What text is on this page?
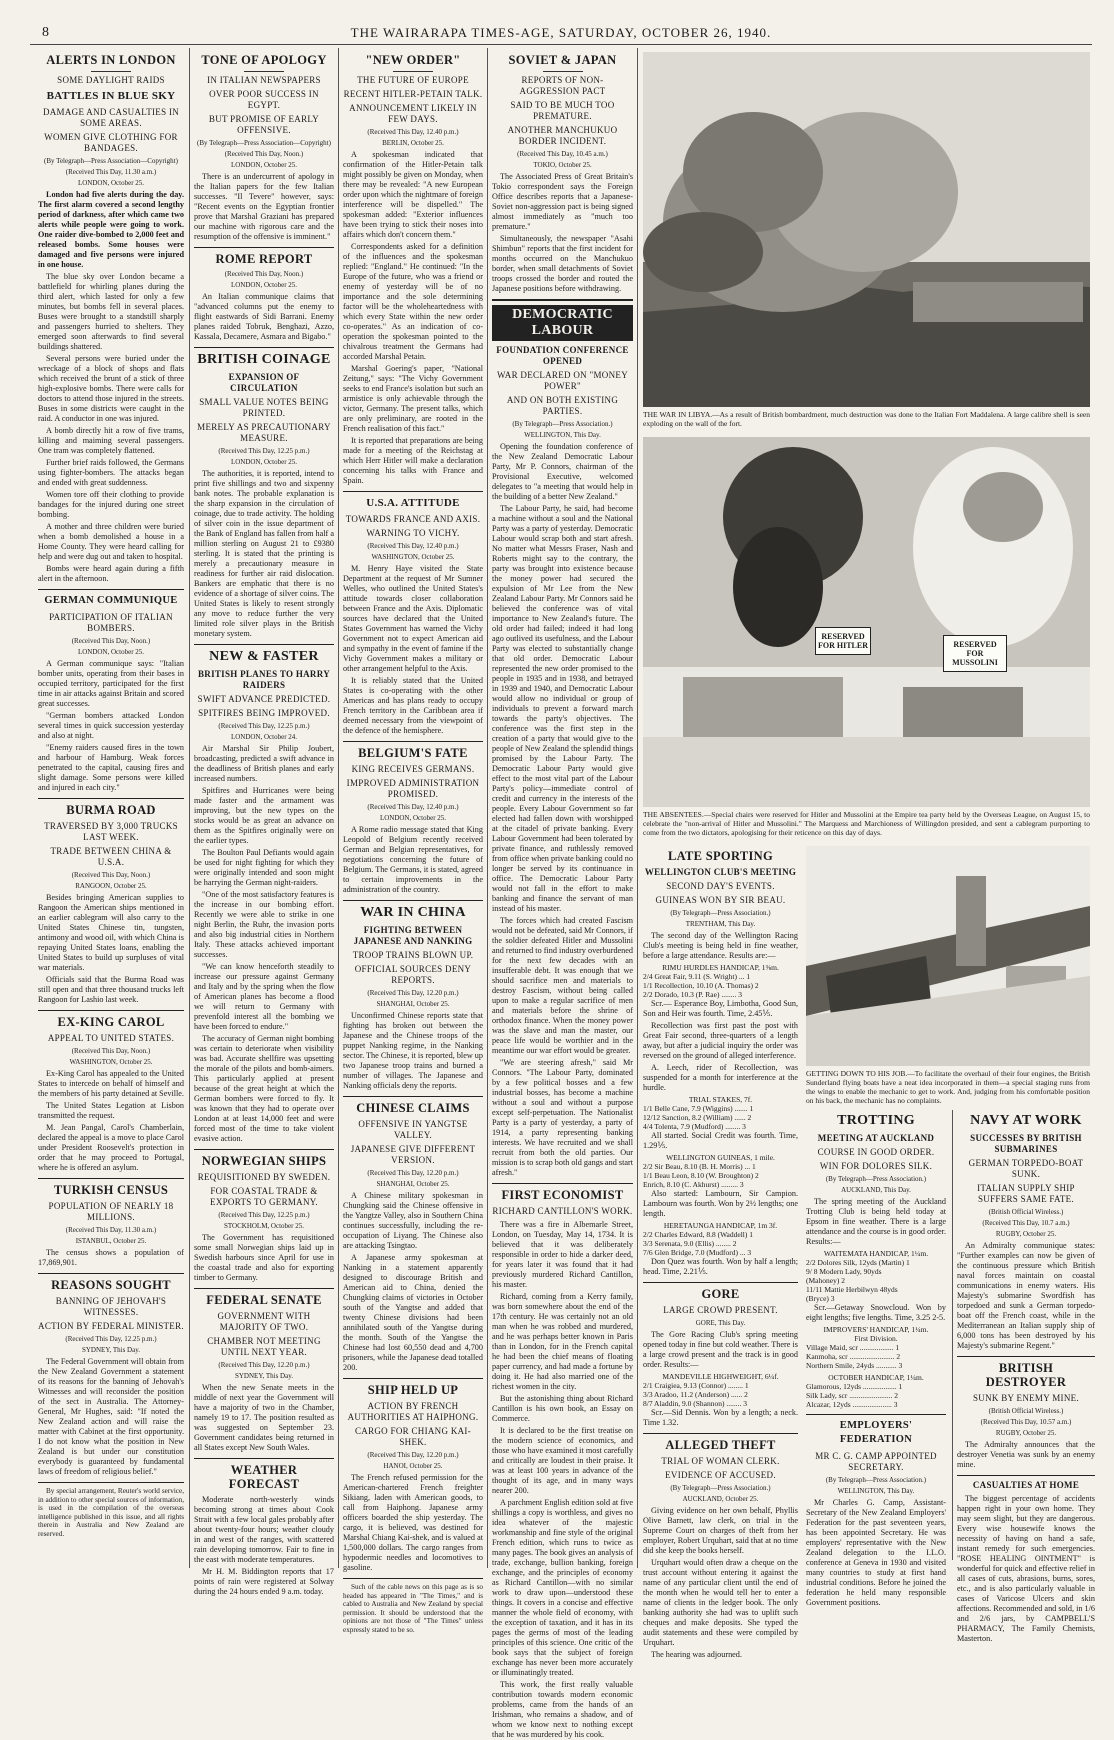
8	THE WAIRARAPA TIMES-AGE, SATURDAY, OCTOBER 26, 1940.
ALERTS IN LONDON
SOME DAYLIGHT RAIDS
BATTLES IN BLUE SKY
DAMAGE AND CASUALTIES IN SOME AREAS.
WOMEN GIVE CLOTHING FOR BANDAGES.
(By Telegraph—Press Association—Copyright)
(Received This Day, 11.30 a.m.)
LONDON, October 25.

London had five alerts during the day. The first alarm covered a second lengthy period of darkness, after which came two alerts while people were going to work. One raider dive-bombed to 2,000 feet and released bombs. Some houses were damaged and five persons were injured in one house.

The blue sky over London became a battlefield for whirling planes during the third alert, which lasted for only a few minutes, but bombs fell in several places. Buses were brought to a standstill sharply and passengers hurried to shelters. They emerged soon afterwards to find several buildings shattered.

Several persons were buried under the wreckage of a block of shops and flats which received the brunt of a stick of three high-explosive bombs. There were calls for doctors to attend those injured in the streets. Buses in some districts were caught in the raid. A conductor in one was injured.

A bomb directly hit a row of five trams, killing and maiming several passengers. One tram was completely flattened.

Further brief raids followed, the Germans using fighter-bombers. The attacks began and ended with great suddenness.

Women tore off their clothing to provide bandages for the injured during one street bombing.

A mother and three children were buried when a bomb demolished a house in a Home County. They were heard calling for help and were dug out and taken to hospital.

Bombs were heard again during a fifth alert in the afternoon.

GERMAN COMMUNIQUE
PARTICIPATION OF ITALIAN BOMBERS.
(Received This Day, Noon.)
LONDON, October 25.

A German communique says: "Italian bomber units, operating from their bases in occupied territory, participated for the first time in air attacks against Britain and scored great successes.

"German bombers attacked London several times in quick succession yesterday and also at night.

"Enemy raiders caused fires in the town and harbour of Hamburg. Weak forces penetrated to the capital, causing fires and slight damage. Some persons were killed and injured in each city."

BURMA ROAD
TRAVERSED BY 3,000 TRUCKS LAST WEEK.
TRADE BETWEEN CHINA & U.S.A.
(Received This Day, Noon.)
RANGOON, October 25.

Besides bringing American supplies to Rangoon the American ships mentioned in an earlier cablegram will also carry to the United States Chinese tin, tungsten, antimony and wood oil, with which China is repaying United States loans, enabling the United States to build up surpluses of vital war materials.

Officials said that the Burma Road was still open and that three thousand trucks left Rangoon for Lashio last week.

EX-KING CAROL
APPEAL TO UNITED STATES.
(Received This Day, Noon.)
WASHINGTON, October 25.

Ex-King Carol has appealed to the United States to intercede on behalf of himself and the members of his party detained at Seville.

The United States Legation at Lisbon transmitted the request.

M. Jean Pangal, Carol's Chamberlain, declared the appeal is a move to place Carol under President Roosevelt's protection in order that he may proceed to Portugal, where he is offered an asylum.

TURKISH CENSUS
POPULATION OF NEARLY 18 MILLIONS.
(Received This Day, 11.30 a.m.)
ISTANBUL, October 25.

The census shows a population of 17,869,901.

REASONS SOUGHT
BANNING OF JEHOVAH'S WITNESSES.
ACTION BY FEDERAL MINISTER.
(Received This Day, 12.25 p.m.)
SYDNEY, This Day.

The Federal Government will obtain from the New Zealand Government a statement of its reasons for the banning of Jehovah's Witnesses and will reconsider the position of the sect in Australia. The Attorney-General, Mr Hughes, said: "If noted the New Zealand action and will raise the matter with Cabinet at the first opportunity. I do not know what the position in New Zealand is but under our constitution everybody is guaranteed by fundamental laws of freedom of religious belief."

By special arrangement, Reuter's world service, in addition to other special sources of information, is used in the compilation of the overseas intelligence published in this issue, and all rights therein in Australia and New Zealand are reserved.

TONE OF APOLOGY
IN ITALIAN NEWSPAPERS
OVER POOR SUCCESS IN EGYPT.
BUT PROMISE OF EARLY OFFENSIVE.
(By Telegraph—Press Association—Copyright)
(Received This Day, Noon.)
LONDON, October 25.

There is an undercurrent of apology in the Italian papers for the few Italian successes. "Il Tevere" however, says: "Recent events on the Egyptian frontier prove that Marshal Graziani has prepared our machine with rigorous care and the resumption of the offensive is imminent."

ROME REPORT
(Received This Day, Noon.)
LONDON, October 25.

An Italian communique claims that "advanced columns put the enemy to flight eastwards of Sidi Barrani. Enemy planes raided Tobruk, Benghazi, Azzo, Kassala, Decamere, Asmara and Bigabo."

BRITISH COINAGE
EXPANSION OF CIRCULATION
SMALL VALUE NOTES BEING PRINTED.
MERELY AS PRECAUTIONARY MEASURE.
(Received This Day, 12.25 p.m.)
LONDON, October 25.

The authorities, it is reported, intend to print five shillings and two and sixpenny bank notes. The probable explanation is the sharp expansion in the circulation of coinage, due to trade activity. The holding of silver coin in the issue department of the Bank of England has fallen from half a million sterling on August 21 to £9380 sterling. It is stated that the printing is merely a precautionary measure in readiness for further air raid dislocation. Bankers are emphatic that there is no evidence of a shortage of silver coins. The United States is likely to resent strongly any move to reduce further the very limited role silver plays in the British monetary system.

NEW & FASTER
BRITISH PLANES TO HARRY RAIDERS
SWIFT ADVANCE PREDICTED.
SPITFIRES BEING IMPROVED.
(Received This Day, 12.25 p.m.)
LONDON, October 24.

Air Marshal Sir Philip Joubert, broadcasting, predicted a swift advance in the deadliness of British planes and early increased numbers.

Spitfires and Hurricanes were being made faster and the armament was improving, but the new types on the stocks would be as great an advance on them as the Spitfires originally were on the earlier types.

The Boulton Paul Defiants would again be used for night fighting for which they were originally intended and soon might be harrying the German night-raiders.

"One of the most satisfactory features is the increase in our bombing effort. Recently we were able to strike in one night Berlin, the Ruhr, the invasion ports and also big industrial cities in Northern Italy. These attacks achieved important successes.

"We can know henceforth steadily to increase our pressure against Germany and Italy and by the spring when the flow of American planes has become a flood we will return to Germany with prevenfold interest all the bombing we have been forced to endure."

The accuracy of German night bombing was certain to deteriorate when visibility was bad. Accurate shellfire was upsetting the morale of the pilots and bomb-aimers. This particularly applied at present because of the great height at which the German bombers were forced to fly. It was known that they had to operate over London at at least 14,000 feet and were forced most of the time to take violent evasive action.

NORWEGIAN SHIPS
REQUISITIONED BY SWEDEN.
FOR COASTAL TRADE & EXPORTS TO GERMANY.
(Received This Day, 12.25 p.m.)
STOCKHOLM, October 25.

The Government has requisitioned some small Norwegian ships laid up in Swedish harbours since April for use in the coastal trade and also for exporting timber to Germany.

FEDERAL SENATE
GOVERNMENT WITH MAJORITY OF TWO.
CHAMBER NOT MEETING UNTIL NEXT YEAR.
(Received This Day, 12.20 p.m.)
SYDNEY, This Day.

When the new Senate meets in the middle of next year the Government will have a majority of two in the Chamber, namely 19 to 17. The position resulted as was suggested on September 23. Government candidates being returned in all States except New South Wales.

WEATHER FORECAST

Moderate north-westerly winds becoming strong at times about Cook Strait with a few local gales probably after about twenty-four hours; weather cloudy in and west of the ranges, with scattered rain developing tomorrow. Fair to fine in the east with moderate temperatures.

Mr H. M. Biddington reports that 17 points of rain were registered at Solway during the 24 hours ended 9 a.m. today.

"NEW ORDER"
THE FUTURE OF EUROPE
RECENT HITLER-PETAIN TALK.
ANNOUNCEMENT LIKELY IN FEW DAYS.
(Received This Day, 12.40 p.m.)
BERLIN, October 25.

A spokesman indicated that confirmation of the Hitler-Petain talk might possibly be given on Monday, when there may be revealed: "A new European order upon which the nightmare of foreign interference will be dispelled." The spokesman added: "Exterior influences have been trying to stick their noses into affairs which don't concern them."

Correspondents asked for a definition of the influences and the spokesman replied: "England." He continued: "In the Europe of the future, who was a friend or enemy of yesterday will be of no importance and the sole determining factor will be the wholeheartedness with which every State within the new order co-operates." As an indication of co-operation the spokesman pointed to the chivalrous treatment the Germans had accorded Marshal Petain.

Marshal Goering's paper, "National Zeitung," says: "The Vichy Government seeks to end France's isolation but such an armistice is only achievable through the victor, Germany. The present talks, which are only preliminary, are rooted in the French realisation of this fact."

It is reported that preparations are being made for a meeting of the Reichstag at which Herr Hitler will make a declaration concerning his talks with France and Spain.

U.S.A. ATTITUDE
TOWARDS FRANCE AND AXIS.
WARNING TO VICHY.
(Received This Day, 12.40 p.m.)
WASHINGTON, October 25.

M. Henry Haye visited the State Department at the request of Mr Sumner Welles, who outlined the United States's attitude towards closer collaboration between France and the Axis. Diplomatic sources have declared that the United States Government has warned the Vichy Government not to expect American aid and sympathy in the event of famine if the Vichy Government makes a military or other arrangement helpful to the Axis.

It is reliably stated that the United States is co-operating with the other Americas and has plans ready to occupy French territory in the Caribbean area if deemed necessary from the viewpoint of the defence of the hemisphere.

BELGIUM'S FATE
KING RECEIVES GERMANS.
IMPROVED ADMINISTRATION PROMISED.
(Received This Day, 12.40 p.m.)
LONDON, October 25.

A Rome radio message stated that King Leopold of Belgium recently received German and Belgian representatives, for negotiations concerning the future of Belgium. The Germans, it is stated, agreed to certain improvements in the administration of the country.

WAR IN CHINA
FIGHTING BETWEEN JAPANESE AND NANKING
TROOP TRAINS BLOWN UP.
OFFICIAL SOURCES DENY REPORTS.
(Received This Day, 12.20 p.m.)
SHANGHAI, October 25.

Unconfirmed Chinese reports state that fighting has broken out between the Japanese and the Chinese troops of the puppet Nanking regime, in the Nanking sector. The Chinese, it is reported, blew up two Japanese troop trains and burned a number of villages. The Japanese and Nanking officials deny the reports.

CHINESE CLAIMS
OFFENSIVE IN YANGTSE VALLEY.
JAPANESE GIVE DIFFERENT VERSION.
(Received This Day, 12.20 p.m.)
SHANGHAI, October 25.

A Chinese military spokesman in Chungking said the Chinese offensive in the Yangtze Valley, also in Southern China continues successfully, including the re-occupation of Liyang. The Chinese also are attacking Tsingtao.

A Japanese army spokesman at Nanking in a statement apparently designed to discourage British and American aid to China, denied the Chungking claims of victories in October south of the Yangtse and added that twenty Chinese divisions had been annihilated south of the Yangtse during the month. South of the Yangtse the Chinese had lost 60,550 dead and 4,700 prisoners, while the Japanese dead totalled 200.

SHIP HELD UP
ACTION BY FRENCH AUTHORITIES AT HAIPHONG.
CARGO FOR CHIANG KAI-SHEK.
(Received This Day, 12.20 p.m.)
HANOI, October 25.

The French refused permission for the American-chartered French freighter Sikiang, laden with American goods, to call from Haiphong. Japanese army officers boarded the ship yesterday. The cargo, it is believed, was destined for Marshal Chiang Kai-shek, and is valued at 1,500,000 dollars. The cargo ranges from hypodermic needles and locomotives to gasoline.

Such of the cable news on this page as is so headed has appeared in "The Times," and is cabled to Australia and New Zealand by special permission. It should be understood that the opinions are not those of "The Times" unless expressly stated to be so.

SOVIET & JAPAN
REPORTS OF NON-AGGRESSION PACT
SAID TO BE MUCH TOO PREMATURE.
ANOTHER MANCHUKUO BORDER INCIDENT.
(Received This Day, 10.45 a.m.)
TOKIO, October 25.

The Associated Press of Great Britain's Tokio correspondent says the Foreign Office describes reports that a Japanese-Soviet non-aggression pact is being signed almost immediately as "much too premature."

Simultaneously, the newspaper "Asahi Shimbun" reports that the first incident for months occurred on the Manchukuo border, when small detachments of Soviet troops crossed the border and routed the Japanese positions before withdrawing.

DEMOCRATIC LABOUR
FOUNDATION CONFERENCE OPENED
WAR DECLARED ON "MONEY POWER"
AND ON BOTH EXISTING PARTIES.
(By Telegraph—Press Association.)
WELLINGTON, This Day.

Opening the foundation conference of the New Zealand Democratic Labour Party, Mr P. Connors, chairman of the Provisional Executive, welcomed delegates to "a meeting that would help in the building of a better New Zealand."

The Labour Party, he said, had become a machine without a soul and the National Party was a party of yesterday. Democratic Labour would scrap both and start afresh. No matter what Messrs Fraser, Nash and Roberts might say to the contrary, the party was brought into existence because the money power had secured the expulsion of Mr Lee from the New Zealand Labour Party. Mr Connors said he believed the conference was of vital importance to New Zealand's future. The old order had failed; indeed it had long ago outlived its usefulness, and the Labour Party was elected to substantially change that old order. Democratic Labour represented the new order promised to the people in 1935 and in 1938, and betrayed in 1939 and 1940, and Democratic Labour would allow no individual or group of individuals to prevent a forward march towards the party's objectives. The conference was the first step in the creation of a party that would give to the people of New Zealand the splendid things promised by the Labour Party. The Democratic Labour Party would give effect to the most vital part of the Labour Party's policy—immediate control of credit and currency in the interests of the people. Every Labour Government so far elected had fallen down with worshipped at the citadel of private banking. Every Labour Government had been tolerated by private finance, and ruthlessly removed from office when private banking could no longer be served by its continuance in office. The Democratic Labour Party would not fall in the effort to make banking and finance the servant of man instead of his master.

The forces which had created Fascism would not be defeated, said Mr Connors, if the soldier defeated Hitler and Mussolini and returned to find industry overburdened for the next few decades with an insufferable debt. It was enough that we should sacrifice men and materials to destroy Fascism, without being called upon to make a regular sacrifice of men and materials before the shrine of orthodox finance. When the money power was the slave and man the master, our peace life would be worthier and in the meantime our war effort would be greater.

"We are steering afresh," said Mr Connors. "The Labour Party, dominated by a few political bosses and a few industrial bosses, has become a machine without a soul and without a purpose except self-perpetuation. The Nationalist Party is a party of yesterday, a party of 1914, a party representing banking interests. We have recruited and we shall recruit from both the old parties. Our mission is to scrap both old gangs and start afresh."

FIRST ECONOMIST
RICHARD CANTILLON'S WORK.

There was a fire in Albemarle Street, London, on Tuesday, May 14, 1734. It is believed that it was deliberately responsible in order to hide a darker deed, for years later it was found that it had previously murdered Richard Cantillon, his master.

Richard, coming from a Kerry family, was born somewhere about the end of the 17th century. He was certainly not an old man when he was robbed and murdered, and he was perhaps better known in Paris than in London, for in the French capital he had been the chief means of floating paper currency, and had made a fortune by doing it. He had also married one of the richest women in the city.

But the astonishing thing about Richard Cantillon is his own book, an Essay on Commerce.

It is declared to be the first treatise on the modern science of economics, and those who have examined it most carefully and critically are loudest in their praise. It was at least 100 years in advance of the thought of its age, and in many ways nearer 200.

A parchment English edition sold at five shillings a copy is worthless, and gives no idea whatever of the majestic workmanship and fine style of the original French edition, which runs to twice as many pages. The book gives an analysis of trade, exchange, bullion banking, foreign exchange, and the principles of economy as Richard Cantillon—with no similar work to draw upon—understood these things. It covers in a concise and effective manner the whole field of economy, with the exception of taxation, and it has in its pages the germs of most of the leading principles of this science. One critic of the book says that the subject of foreign exchange has never been more accurately or illuminatingly treated.

This work, the first really valuable contribution towards modern economic problems, came from the hands of an Irishman, who remains a shadow, and of whom we know next to nothing except that he was murdered by his cook.

THE WAR IN LIBYA.—As a result of British bombardment, much destruction was done to the Italian Fort Maddalena. A large calibre shell is seen exploding on the wall of the fort.
RESERVED FOR HITLER	RESERVED FOR MUSSOLINI
THE ABSENTEES.—Special chairs were reserved for Hitler and Mussolini at the Empire tea party held by the Overseas League, on August 15, to celebrate the "non-arrival of Hitler and Mussolini." The Marquess and Marchioness of Willingdon presided, and sent a cablegram purporting to come from the two dictators, apologising for their reticence on this day of days.
LATE SPORTING
WELLINGTON CLUB'S MEETING
SECOND DAY'S EVENTS.
GUINEAS WON BY SIR BEAU.
(By Telegraph—Press Association.)
TRENTHAM, This Day.

The second day of the Wellington Racing Club's meeting is being held in fine weather, before a large attendance. Results are:—

RIMU HURDLES HANDICAP, 1⅜m.
2/4 Great Fair, 9.11 (S. Wright) ... 1
1/1 Recollection, 10.10 (A. Thomas) 2
2/2 Dorado, 10.3 (P. Rae) ........ 3

Scr.— Esperance Boy, Limbotha, Good Sun, Son and Heir was fourth. Time, 2.45⅕.

Recollection was first past the post with Great Fair second, three-quarters of a length away, but after a judicial inquiry the order was reversed on the ground of alleged interference.

A. Leech, rider of Recollection, was suspended for a month for interference at the hurdle.

TRIAL STAKES, 7f.
1/1 Belle Cane, 7.9 (Wiggins) ....... 1
12/12 Sanction, 8.2 (William) ...... 2
4/4 Tolenta, 7.9 (Mudford) ........ 3

All started. Social Credit was fourth. Time, 1.29⅕.

WELLINGTON GUINEAS, 1 mile.
2/2 Sir Beau, 8.10 (B. H. Morris) ... 1
1/1 Beau Leon, 8.10 (W. Broughton) 2
Enrich, 8.10 (C. Akhurst) ......... 3

Also started: Lambourn, Sir Campion. Lambourn was fourth. Won by 2½ lengths; one length.

HERETAUNGA HANDICAP, 1m 3f.
2/2 Charles Edward, 8.8 (Waddell) 1
3/3 Serenata, 9.0 (Ellis) ........ 2
7/6 Glen Bridge, 7.0 (Mudford) ... 3

Don Quez was fourth. Won by half a length; head. Time, 2.21⅕.

GORE
LARGE CROWD PRESENT.
GORE, This Day.

The Gore Racing Club's spring meeting opened today in fine but cold weather. There is a large crowd present and the track is in good order. Results:—

MANDEVILLE HIGHWEIGHT, 6¼f.
2/1 Craigiea, 9.13 (Connor) ........ 1
3/3 Aradoo, 11.2 (Anderson) ...... 2
8/7 Aladdin, 9.0 (Shannon) ........ 3

Scr.—Sid Dennis. Won by a length; a neck. Time 1.32.

ALLEGED THEFT
TRIAL OF WOMAN CLERK.
EVIDENCE OF ACCUSED.
(By Telegraph—Press Association.)
AUCKLAND, October 25.

Giving evidence on her own behalf, Phyllis Olive Barnett, law clerk, on trial in the Supreme Court on charges of theft from her employer, Robert Urquhart, said that at no time did she keep the books herself.

Urquhart would often draw a cheque on the trust account without entering it against the name of any particular client until the end of the month when he would tell her to enter a name of clients in the ledger book. The only banking authority she had was to uplift such cheques and make deposits. She typed the audit statements and these were compiled by Urquhart.

The hearing was adjourned.

GETTING DOWN TO HIS JOB.—To facilitate the overhaul of their four engines, the British Sunderland flying boats have a neat idea incorporated in them—a special staging runs from the wings to enable the mechanic to get to work. And, judging from his comfortable position on his back, the mechanic has no complaints.
TROTTING
MEETING AT AUCKLAND
COURSE IN GOOD ORDER.
WIN FOR DOLORES SILK.
(By Telegraph—Press Association.)
AUCKLAND, This Day.

The spring meeting of the Auckland Trotting Club is being held today at Epsom in fine weather. There is a large attendance and the course is in good order. Results:—

WAITEMATA HANDICAP, 1¼m.
2/2 Dolores Silk, 12yds (Martin) 1
9/ 8 Modern Lady, 90yds
(Mahoney) 2
11/11 Mattie Herbilwyn 48yds
(Bryce) 3

Scr.—Getaway Snowcloud. Won by eight lengths; five lengths. Time, 3.25 2-5.

IMPROVERS' HANDICAP, 1¼m.
First Division.
Village Maid, scr .................. 1
Kanmoha, scr ........................ 2
Northern Smile, 24yds ........... 3
OCTOBER HANDICAP, 1¼m.
Glamorous, 12yds .................. 1
Silk Lady, scr ....................... 2
Alcazar, 12yds ..................... 3
EMPLOYERS' FEDERATION
MR C. G. CAMP APPOINTED SECRETARY.
(By Telegraph—Press Association.)
WELLINGTON, This Day.

Mr Charles G. Camp, Assistant-Secretary of the New Zealand Employers' Federation for the past seventeen years, has been appointed Secretary. He was employers' representative with the New Zealand delegation to the I.L.O. conference at Geneva in 1930 and visited many countries to study at first hand industrial conditions. Before he joined the federation he held many responsible Government positions.

NAVY AT WORK
SUCCESSES BY BRITISH SUBMARINES
GERMAN TORPEDO-BOAT SUNK.
ITALIAN SUPPLY SHIP SUFFERS SAME FATE.
(British Official Wireless.)
(Received This Day, 10.7 a.m.)
RUGBY, October 25.

An Admiralty communique states: "Further examples can now be given of the continuous pressure which British naval forces maintain on coastal communications in enemy waters. His Majesty's submarine Swordfish has torpedoed and sunk a German torpedo-boat off the French coast, while in the Mediterranean an Italian supply ship of 6,000 tons has been destroyed by his Majesty's submarine Regent."

BRITISH DESTROYER
SUNK BY ENEMY MINE.
(British Official Wireless.)
(Received This Day, 10.57 a.m.)
RUGBY, October 25.

The Admiralty announces that the destroyer Venetia was sunk by an enemy mine.

CASUALTIES AT HOME

The biggest percentage of accidents happen right in your own home. They may seem slight, but they are dangerous. Every wise housewife knows the necessity of having on hand a safe, instant remedy for such emergencies. "ROSE HEALING OINTMENT" is wonderful for quick and effective relief in all cases of cuts, abrasions, burns, sores, etc., and is also particularly valuable in cases of Varicose Ulcers and skin affections. Recommended and sold, in 1/6 and 2/6 jars, by CAMPBELL'S PHARMACY, The Family Chemists, Masterton.
